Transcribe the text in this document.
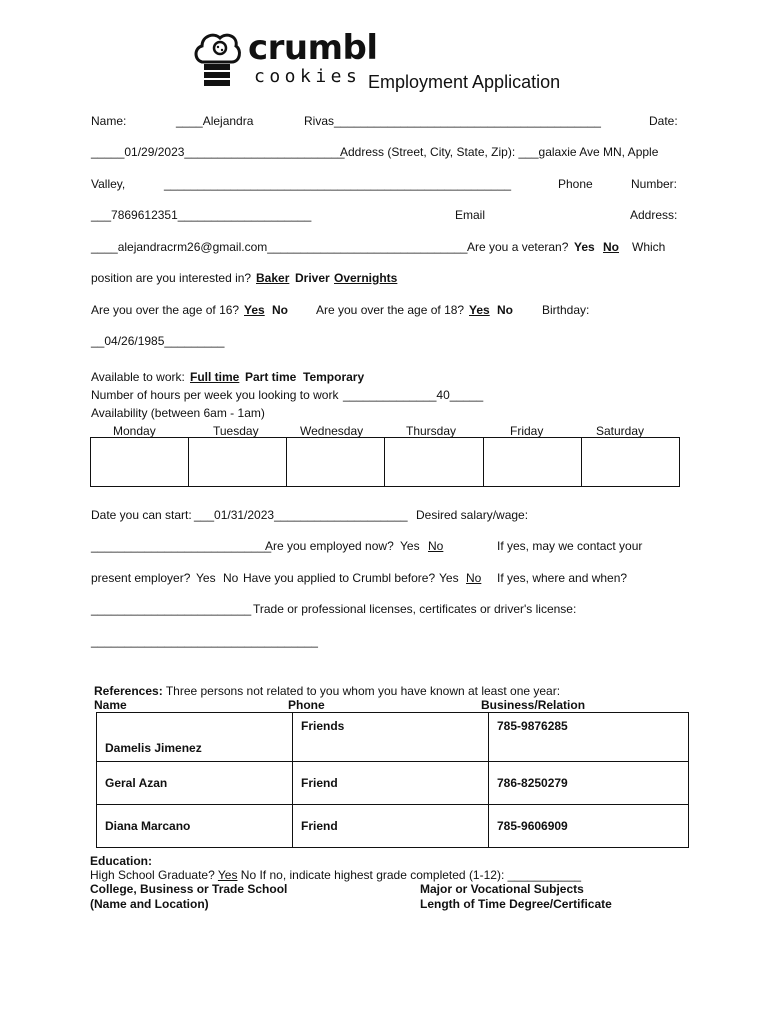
crumbl
cookies Employment Application
Name:	____Alejandra	Rivas________________________________________	Date:
_____01/29/2023________________________
Address (Street, City, State, Zip): ___galaxie Ave MN, Apple
Valley,	____________________________________________________	Phone	Number:
___7869612351____________________	Email	Address:
____alejandracrm26@gmail.com______________________________ Are you a veteran? Yes No Which
position are you interested in? Baker Driver Overnights
Are you over the age of 16? Yes No Are you over the age of 18? Yes No Birthday:
__04/26/1985_________
Available to work: Full time Part time Temporary
Number of hours per week you looking to work ______________40_____
Availability (between 6am - 1am)
Monday	Tuesday	Wednesday	Thursday	Friday	Saturday

Date you can start: ___01/31/2023____________________ Desired salary/wage:
___________________________
Are you employed now? Yes No	If yes, may we contact your
present employer? Yes No Have you applied to Crumbl before? Yes No If yes, where and when?
________________________ Trade or professional licenses, certificates or driver's license:
__________________________________
References: Three persons not related to you whom you have known at least one year:
Name	Phone	Business/Relation
Damelis Jimenez	Friends	785-9876285
Geral Azan	Friend	786-8250279
Diana Marcano	Friend	785-9606909
Education:
High School Graduate? Yes No If no, indicate highest grade completed (1-12): ___________
College, Business or Trade School
(Name and Location)
Major or Vocational Subjects
Length of Time Degree/Certificate
